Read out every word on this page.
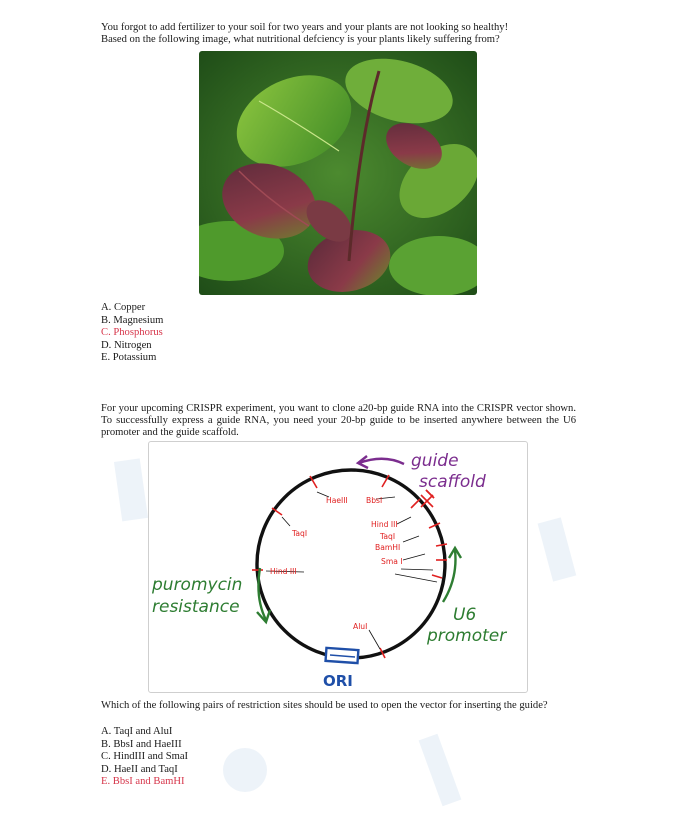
You forgot to add fertilizer to your soil for two years and your plants are not looking so healthy!
Based on the following image, what nutritional defciency is your plants likely suffering from?
A. Copper
B. Magnesium
C. Phosphorus
D. Nitrogen
E. Potassium
For your upcoming CRISPR experiment, you want to clone a20-bp guide RNA into the CRISPR vector shown. To successfully express a guide RNA, you need your 20-bp guide to be inserted anywhere between the U6 promoter and the guide scaffold.
HaeIII BbsI
Hind III
TaqI
BamHI
Sma I
TaqI
Hind III
AluI
guide
scaffold
puromycin
resistance	U6
promoter
ORI
Which of the following pairs of restriction sites should be used to open the vector for inserting the guide?
A. TaqI and AluI
B. BbsI and HaeIII
C. HindIII and SmaI
D. HaeII and TaqI
E. BbsI and BamHI
